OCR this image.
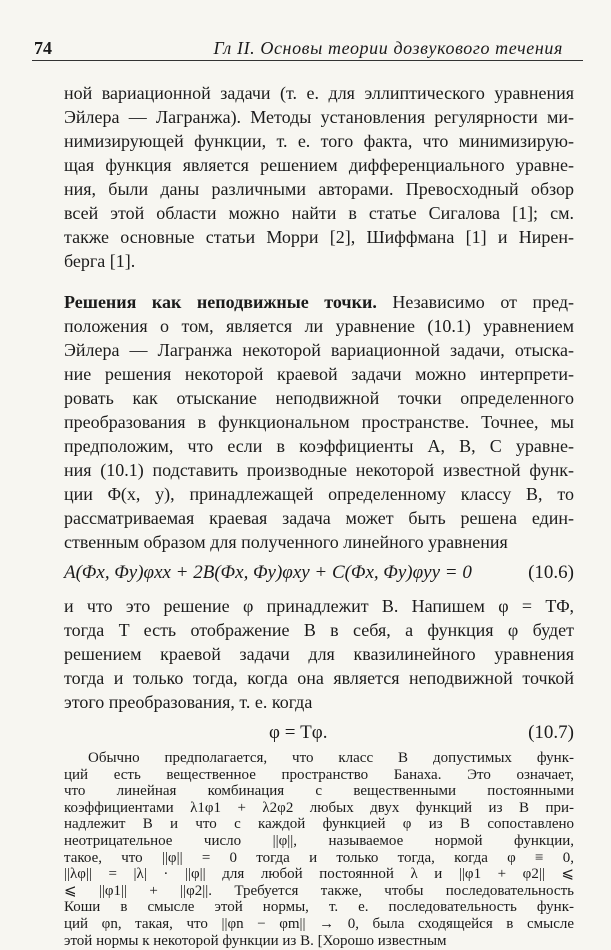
74	Гл II. Основы теории дозвукового течения
ной вариационной задачи (т. е. для эллиптического уравнения
Эйлера — Лагранжа). Методы установления регулярности ми-
нимизирующей функции, т. е. того факта, что минимизирую-
щая функция является решением дифференциального уравне-
ния, были даны различными авторами. Превосходный обзор
всей этой области можно найти в статье Сигалова [1]; см.
также основные статьи Морри [2], Шиффмана [1] и Ниpен-
берга [1].
Решения как неподвижные точки. Независимо от пред-
положения о том, является ли уравнение (10.1) уравнением
Эйлера — Лагранжа некоторой вариационной задачи, отыска-
ние решения некоторой краевой задачи можно интерпрети-
ровать как отыскание неподвижной точки определенного
преобразования в функциональном пространстве. Точнее, мы
предположим, что если в коэффициенты A, B, C уравне-
ния (10.1) подставить производные некоторой известной функ-
ции Φ(x, y), принадлежащей определенному классу B, то
рассматриваемая краевая задача может быть решена един-
ственным образом для полученного линейного уравнения
A(Φx, Φy)φxx + 2B(Φx, Φy)φxy + C(Φx, Φy)φyy = 0	(10.6)
и что это решение φ принадлежит B. Напишем φ = TΦ,
тогда T есть отображение B в себя, а функция φ будет
решением краевой задачи для квазилинейного уравнения
тогда и только тогда, когда она является неподвижной точкой
этого преобразования, т. е. когда
φ = Tφ.	(10.7)
Обычно предполагается, что класс B допустимых функ-
ций есть вещественное пространство Банаха. Это означает,
что линейная комбинация с вещественными постоянными
коэффициентами λ1φ1 + λ2φ2 любых двух функций из B при-
надлежит B и что с каждой функцией φ из B сопоставлено
неотрицательное число ||φ||, называемое нормой функции,
такое, что ||φ|| = 0 тогда и только тогда, когда φ ≡ 0,
||λφ|| = |λ| · ||φ|| для любой постоянной λ и ||φ1 + φ2|| ⩽
⩽ ||φ1|| + ||φ2||. Требуется также, чтобы последовательность
Коши в смысле этой нормы, т. е. последовательность функ-
ций φn, такая, что ||φn − φm|| → 0, была сходящейся в смысле
этой нормы к некоторой функции из B. [Хорошо известным
